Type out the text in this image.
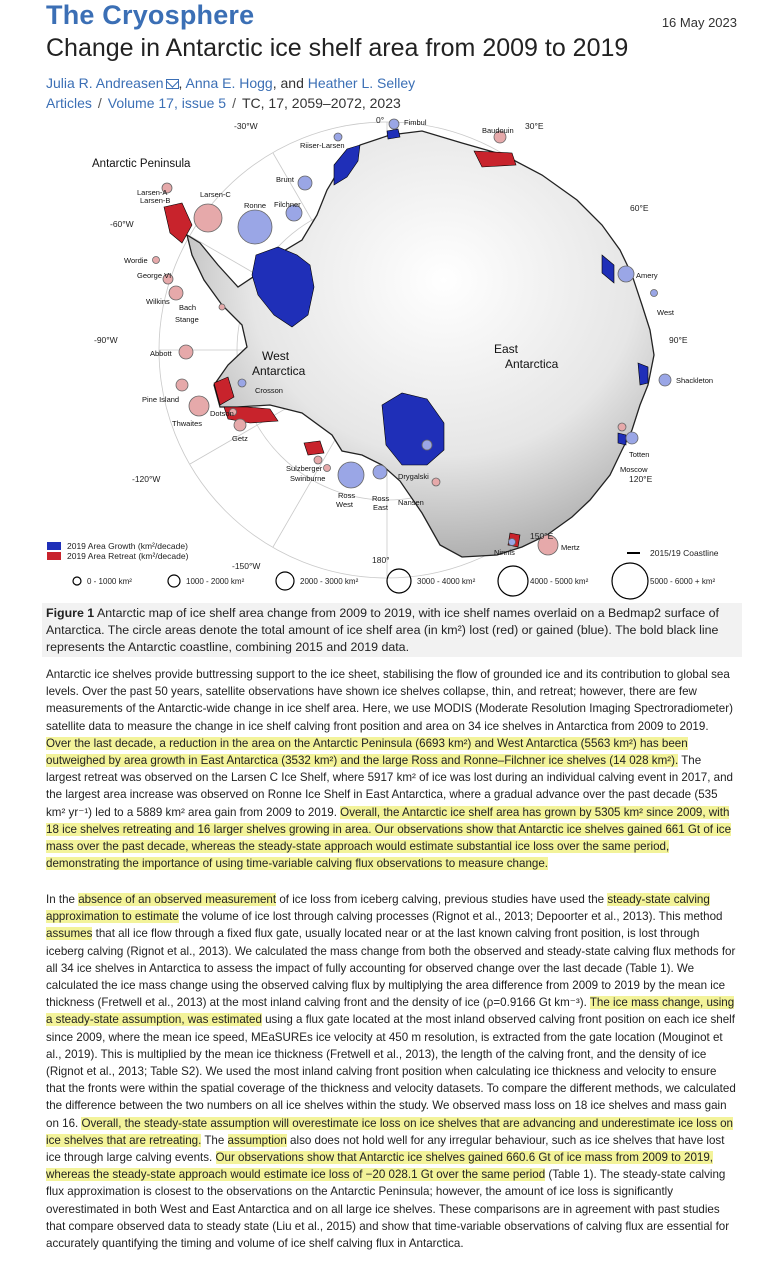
The Cryosphere	16 May 2023
Change in Antarctic ice shelf area from 2009 to 2019
Julia R. Andreasen , Anna E. Hogg, and Heather L. Selley
Articles / Volume 17, issue 5 / TC, 17, 2059–2072, 2023
0°
30°E
60°E
90°E
120°E
150°E
180°
-150°W
-120°W
-90°W
-60°W
-30°W
Antarctic Peninsula
West
Antarctica
East
Antarctica
Fimbul
Baudouin
Riiser-Larsen
Brunt
Filchner
Ronne
Larsen-A
Larsen-B
Larsen-C
Wordie
George VI
Wilkins
Bach
Stange
Abbott
Crosson
Pine Island
Dotson
Thwaites
Getz
Sulzberger
Swinburne
Ross
West
Ross
East
Drygalski
Nansen
Ninnis
Mertz
Moscow
Totten
Shackleton
West
Amery
2019 Area Growth (km²/decade)
2019 Area Retreat (km²/decade)	2015/19 Coastline
0 - 1000 km²	1000 - 2000 km²	2000 - 3000 km²	3000 - 4000 km²	4000 - 5000 km²	5000 - 6000 + km²
Figure 1 Antarctic map of ice shelf area change from 2009 to 2019, with ice shelf names overlaid on a Bedmap2 surface of Antarctica. The circle areas denote the total amount of ice shelf area (in km²) lost (red) or gained (blue). The bold black line represents the Antarctic coastline, combining 2015 and 2019 data.
Antarctic ice shelves provide buttressing support to the ice sheet, stabilising the flow of grounded ice and its contribution to global sea levels. Over the past 50 years, satellite observations have shown ice shelves collapse, thin, and retreat; however, there are few measurements of the Antarctic-wide change in ice shelf area. Here, we use MODIS (Moderate Resolution Imaging Spectroradiometer) satellite data to measure the change in ice shelf calving front position and area on 34 ice shelves in Antarctica from 2009 to 2019. Over the last decade, a reduction in the area on the Antarctic Peninsula (6693 km²) and West Antarctica (5563 km²) has been outweighed by area growth in East Antarctica (3532 km²) and the large Ross and Ronne–Filchner ice shelves (14 028 km²). The largest retreat was observed on the Larsen C Ice Shelf, where 5917 km² of ice was lost during an individual calving event in 2017, and the largest area increase was observed on Ronne Ice Shelf in East Antarctica, where a gradual advance over the past decade (535 km² yr⁻¹) led to a 5889 km² area gain from 2009 to 2019. Overall, the Antarctic ice shelf area has grown by 5305 km² since 2009, with 18 ice shelves retreating and 16 larger shelves growing in area. Our observations show that Antarctic ice shelves gained 661 Gt of ice mass over the past decade, whereas the steady-state approach would estimate substantial ice loss over the same period, demonstrating the importance of using time-variable calving flux observations to measure change.
In the absence of an observed measurement of ice loss from iceberg calving, previous studies have used the steady-state calving approximation to estimate the volume of ice lost through calving processes (Rignot et al., 2013; Depoorter et al., 2013). This method assumes that all ice flow through a fixed flux gate, usually located near or at the last known calving front position, is lost through iceberg calving (Rignot et al., 2013). We calculated the mass change from both the observed and steady-state calving flux methods for all 34 ice shelves in Antarctica to assess the impact of fully accounting for observed change over the last decade (Table 1). We calculated the ice mass change using the observed calving flux by multiplying the area difference from 2009 to 2019 by the mean ice thickness (Fretwell et al., 2013) at the most inland calving front and the density of ice (ρ=0.9166 Gt km⁻³). The ice mass change, using a steady-state assumption, was estimated using a flux gate located at the most inland observed calving front position on each ice shelf since 2009, where the mean ice speed, MEaSUREs ice velocity at 450 m resolution, is extracted from the gate location (Mouginot et al., 2019). This is multiplied by the mean ice thickness (Fretwell et al., 2013), the length of the calving front, and the density of ice (Rignot et al., 2013; Table S2). We used the most inland calving front position when calculating ice thickness and velocity to ensure that the fronts were within the spatial coverage of the thickness and velocity datasets. To compare the different methods, we calculated the difference between the two numbers on all ice shelves within the study. We observed mass loss on 18 ice shelves and mass gain on 16. Overall, the steady-state assumption will overestimate ice loss on ice shelves that are advancing and underestimate ice loss on ice shelves that are retreating. The assumption also does not hold well for any irregular behaviour, such as ice shelves that have lost ice through large calving events. Our observations show that Antarctic ice shelves gained 660.6 Gt of ice mass from 2009 to 2019, whereas the steady-state approach would estimate ice loss of −20 028.1 Gt over the same period (Table 1). The steady-state calving flux approximation is closest to the observations on the Antarctic Peninsula; however, the amount of ice loss is significantly overestimated in both West and East Antarctica and on all large ice shelves. These comparisons are in agreement with past studies that compare observed data to steady state (Liu et al., 2015) and show that time-variable observations of calving flux are essential for accurately quantifying the timing and volume of ice shelf calving flux in Antarctica.
